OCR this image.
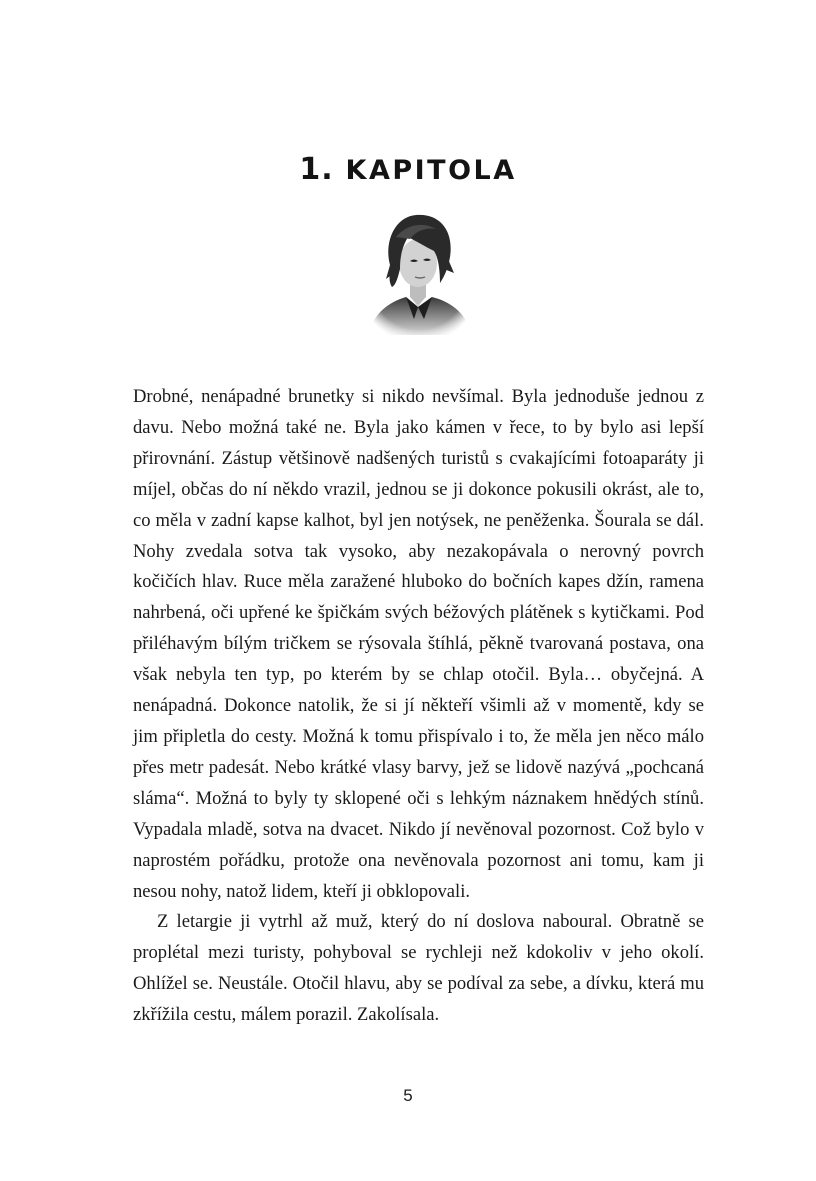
1. KAPITOLA

Drobné, nenápadné brunetky si nikdo nevšímal. Byla jednoduše jednou z davu. Nebo možná také ne. Byla jako kámen v řece, to by bylo asi lepší přirovnání. Zástup většinově nadšených turistů s cvakajícími fotoaparáty ji míjel, občas do ní někdo vrazil, jednou se ji dokonce pokusili okrást, ale to, co měla v zadní kapse kalhot, byl jen notýsek, ne peněženka. Šourala se dál. Nohy zvedala sotva tak vysoko, aby nezakopávala o nerovný povrch kočičích hlav. Ruce měla zaražené hluboko do bočních kapes džín, ramena nahrbená, oči upřené ke špičkám svých béžových plátěnek s kytičkami. Pod přiléhavým bílým tričkem se rýsovala štíhlá, pěkně tvarovaná postava, ona však nebyla ten typ, po kterém by se chlap otočil. Byla… obyčejná. A nenápadná. Dokonce natolik, že si jí někteří všimli až v momentě, kdy se jim připletla do cesty. Možná k tomu přispívalo i to, že měla jen něco málo přes metr padesát. Nebo krátké vlasy barvy, jež se lidově nazývá „pochcaná sláma“. Možná to byly ty sklopené oči s lehkým náznakem hnědých stínů. Vypadala mladě, sotva na dvacet. Nikdo jí nevěnoval pozornost. Což bylo v naprostém pořádku, protože ona nevěnovala pozornost ani tomu, kam ji nesou nohy, natož lidem, kteří ji obklopovali.

Z letargie ji vytrhl až muž, který do ní doslova naboural. Obratně se proplétal mezi turisty, pohyboval se rychleji než kdokoliv v jeho okolí. Ohlížel se. Neustále. Otočil hlavu, aby se podíval za sebe, a dívku, která mu zkřížila cestu, málem porazil. Zakolísala.

5
